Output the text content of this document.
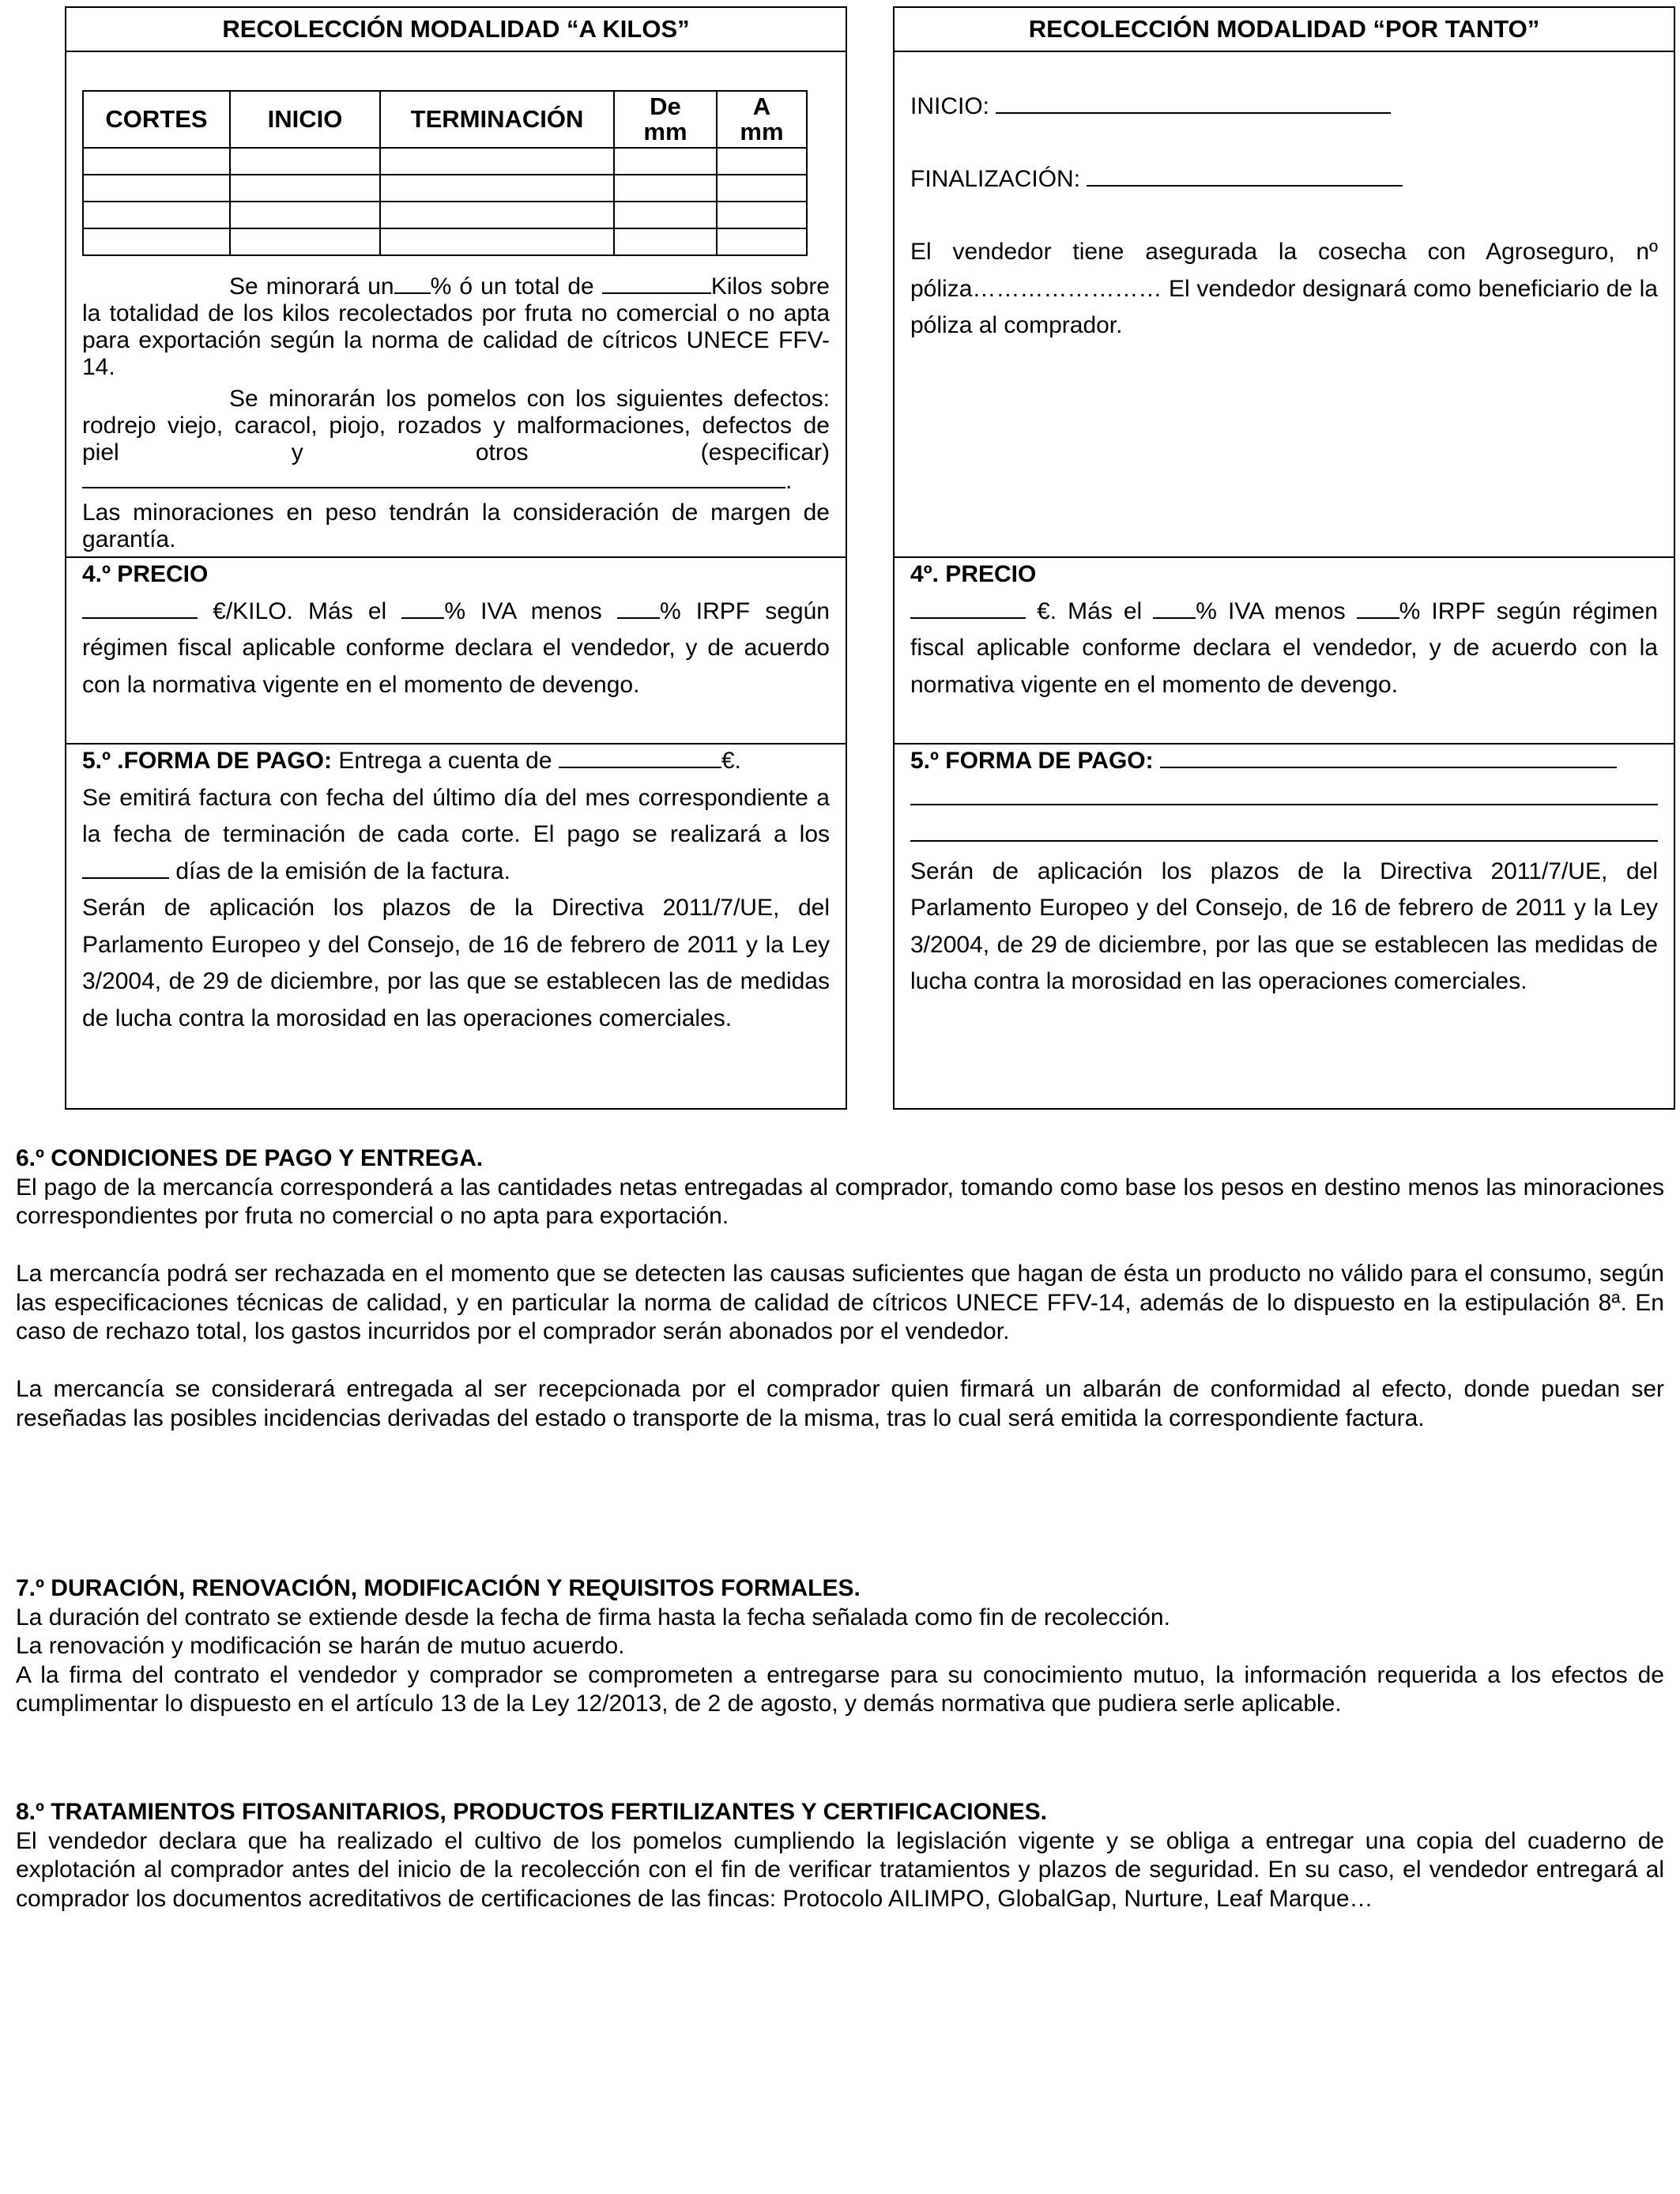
RECOLECCIÓN MODALIDAD “A KILOS”
CORTES	INICIO	TERMINACIÓN	De mm	A mm

Se minorará un % ó un total de	Kilos sobre la totalidad de los kilos recolectados por fruta no comercial o no apta para exportación según la norma de calidad de cítricos UNECE FFV-14.
Se minorarán los pomelos con los siguientes defectos: rodrejo viejo, caracol, piojo, rozados y malformaciones, defectos de piel y otros (especificar) .
Las minoraciones en peso tendrán la consideración de margen de garantía.
4.º PRECIO
€/KILO. Más el % IVA menos % IRPF según régimen fiscal aplicable conforme declara el vendedor, y de acuerdo con la normativa vigente en el momento de devengo.
5.º .FORMA DE PAGO: Entrega a cuenta de	€.
Se emitirá factura con fecha del último día del mes correspondiente a la fecha de terminación de cada corte. El pago se realizará a los  días de la emisión de la factura.
Serán de aplicación los plazos de la Directiva 2011/7/UE, del Parlamento Europeo y del Consejo, de 16 de febrero de 2011 y la Ley 3/2004, de 29 de diciembre, por las que se establecen las de medidas de lucha contra la morosidad en las operaciones comerciales.
RECOLECCIÓN MODALIDAD “POR TANTO”
INICIO:
FINALIZACIÓN:
El vendedor tiene asegurada la cosecha con Agroseguro, nº póliza…………………… El vendedor designará como beneficiario de la póliza al comprador.
4º. PRECIO
€. Más el % IVA menos % IRPF según régimen fiscal aplicable conforme declara el vendedor, y de acuerdo con la normativa vigente en el momento de devengo.
5.º FORMA DE PAGO:
Serán de aplicación los plazos de la Directiva 2011/7/UE, del Parlamento Europeo y del Consejo, de 16 de febrero de 2011 y la Ley 3/2004, de 29 de diciembre, por las que se establecen las medidas de lucha contra la morosidad en las operaciones comerciales.

6.º CONDICIONES DE PAGO Y ENTREGA.

El pago de la mercancía corresponderá a las cantidades netas entregadas al comprador, tomando como base los pesos en destino menos las minoraciones correspondientes por fruta no comercial o no apta para exportación.

La mercancía podrá ser rechazada en el momento que se detecten las causas suficientes que hagan de ésta un producto no válido para el consumo, según las especificaciones técnicas de calidad, y en particular la norma de calidad de cítricos UNECE FFV-14, además de lo dispuesto en la estipulación 8ª. En caso de rechazo total, los gastos incurridos por el comprador serán abonados por el vendedor.

La mercancía se considerará entregada al ser recepcionada por el comprador quien firmará un albarán de conformidad al efecto, donde puedan ser reseñadas las posibles incidencias derivadas del estado o transporte de la misma, tras lo cual será emitida la correspondiente factura.

7.º DURACIÓN, RENOVACIÓN, MODIFICACIÓN Y REQUISITOS FORMALES.

La duración del contrato se extiende desde la fecha de firma hasta la fecha señalada como fin de recolección.

La renovación y modificación se harán de mutuo acuerdo.

A la firma del contrato el vendedor y comprador se comprometen a entregarse para su conocimiento mutuo, la información requerida a los efectos de cumplimentar lo dispuesto en el artículo 13 de la Ley 12/2013, de 2 de agosto, y demás normativa que pudiera serle aplicable.

8.º TRATAMIENTOS FITOSANITARIOS, PRODUCTOS FERTILIZANTES Y CERTIFICACIONES.

El vendedor declara que ha realizado el cultivo de los pomelos cumpliendo la legislación vigente y se obliga a entregar una copia del cuaderno de explotación al comprador antes del inicio de la recolección con el fin de verificar tratamientos y plazos de seguridad. En su caso, el vendedor entregará al comprador los documentos acreditativos de certificaciones de las fincas: Protocolo AILIMPO, GlobalGap, Nurture, Leaf Marque…
